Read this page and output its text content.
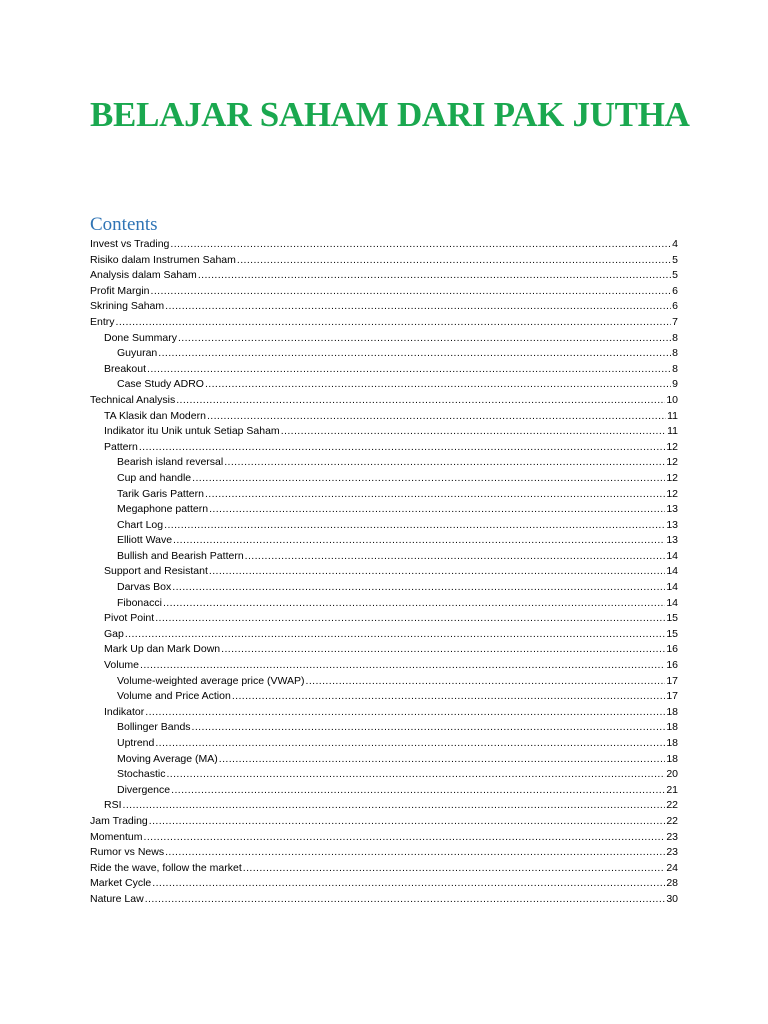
BELAJAR SAHAM DARI PAK JUTHA
Contents
Invest vs Trading .....	4
Risiko dalam Instrumen Saham .....	5
Analysis dalam Saham .....	5
Profit Margin .....	6
Skrining Saham .....	6
Entry .....	7
Done Summary .....	8
Guyuran .....	8
Breakout .....	8
Case Study ADRO .....	9
Technical Analysis .....	10
TA Klasik dan Modern .....	11
Indikator itu Unik untuk Setiap Saham .....	11
Pattern .....	12
Bearish island reversal .....	12
Cup and handle .....	12
Tarik Garis Pattern .....	12
Megaphone pattern .....	13
Chart Log .....	13
Elliott Wave .....	13
Bullish and Bearish Pattern .....	14
Support and Resistant .....	14
Darvas Box .....	14
Fibonacci .....	14
Pivot Point .....	15
Gap .....	15
Mark Up dan Mark Down .....	16
Volume .....	16
Volume-weighted average price (VWAP) .....	17
Volume and Price Action .....	17
Indikator .....	18
Bollinger Bands .....	18
Uptrend .....	18
Moving Average (MA) .....	18
Stochastic .....	20
Divergence .....	21
RSI .....	22
Jam Trading .....	22
Momentum .....	23
Rumor vs News .....	23
Ride the wave, follow the market .....	24
Market Cycle .....	28
Nature Law .....	30
